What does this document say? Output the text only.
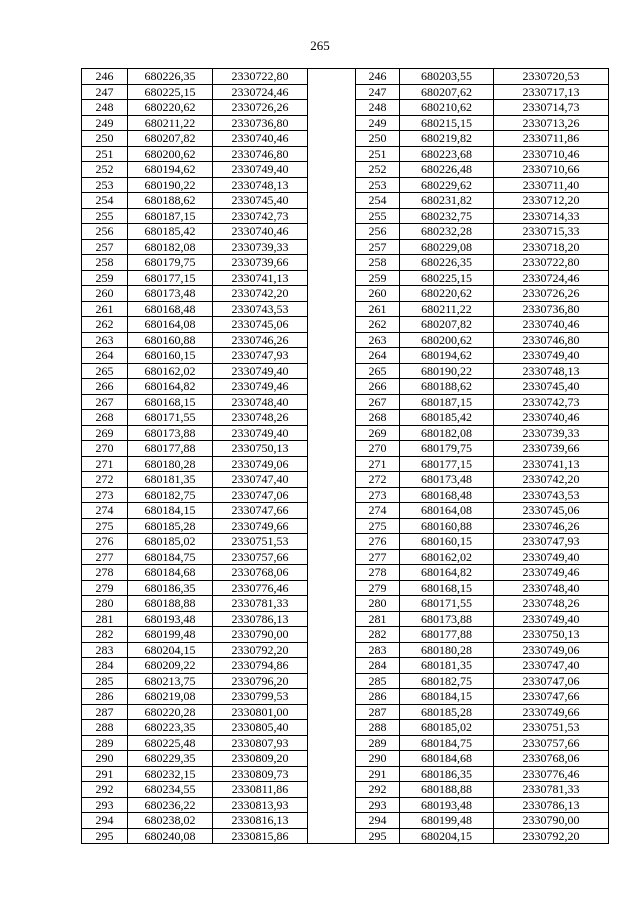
265
246	680226,35	2330722,80		246	680203,55	2330720,53
247	680225,15	2330724,46		247	680207,62	2330717,13
248	680220,62	2330726,26		248	680210,62	2330714,73
249	680211,22	2330736,80		249	680215,15	2330713,26
250	680207,82	2330740,46		250	680219,82	2330711,86
251	680200,62	2330746,80		251	680223,68	2330710,46
252	680194,62	2330749,40		252	680226,48	2330710,66
253	680190,22	2330748,13		253	680229,62	2330711,40
254	680188,62	2330745,40		254	680231,82	2330712,20
255	680187,15	2330742,73		255	680232,75	2330714,33
256	680185,42	2330740,46		256	680232,28	2330715,33
257	680182,08	2330739,33		257	680229,08	2330718,20
258	680179,75	2330739,66		258	680226,35	2330722,80
259	680177,15	2330741,13		259	680225,15	2330724,46
260	680173,48	2330742,20		260	680220,62	2330726,26
261	680168,48	2330743,53		261	680211,22	2330736,80
262	680164,08	2330745,06		262	680207,82	2330740,46
263	680160,88	2330746,26		263	680200,62	2330746,80
264	680160,15	2330747,93		264	680194,62	2330749,40
265	680162,02	2330749,40		265	680190,22	2330748,13
266	680164,82	2330749,46		266	680188,62	2330745,40
267	680168,15	2330748,40		267	680187,15	2330742,73
268	680171,55	2330748,26		268	680185,42	2330740,46
269	680173,88	2330749,40		269	680182,08	2330739,33
270	680177,88	2330750,13		270	680179,75	2330739,66
271	680180,28	2330749,06		271	680177,15	2330741,13
272	680181,35	2330747,40		272	680173,48	2330742,20
273	680182,75	2330747,06		273	680168,48	2330743,53
274	680184,15	2330747,66		274	680164,08	2330745,06
275	680185,28	2330749,66		275	680160,88	2330746,26
276	680185,02	2330751,53		276	680160,15	2330747,93
277	680184,75	2330757,66		277	680162,02	2330749,40
278	680184,68	2330768,06		278	680164,82	2330749,46
279	680186,35	2330776,46		279	680168,15	2330748,40
280	680188,88	2330781,33		280	680171,55	2330748,26
281	680193,48	2330786,13		281	680173,88	2330749,40
282	680199,48	2330790,00		282	680177,88	2330750,13
283	680204,15	2330792,20		283	680180,28	2330749,06
284	680209,22	2330794,86		284	680181,35	2330747,40
285	680213,75	2330796,20		285	680182,75	2330747,06
286	680219,08	2330799,53		286	680184,15	2330747,66
287	680220,28	2330801,00		287	680185,28	2330749,66
288	680223,35	2330805,40		288	680185,02	2330751,53
289	680225,48	2330807,93		289	680184,75	2330757,66
290	680229,35	2330809,20		290	680184,68	2330768,06
291	680232,15	2330809,73		291	680186,35	2330776,46
292	680234,55	2330811,86		292	680188,88	2330781,33
293	680236,22	2330813,93		293	680193,48	2330786,13
294	680238,02	2330816,13		294	680199,48	2330790,00
295	680240,08	2330815,86		295	680204,15	2330792,20
